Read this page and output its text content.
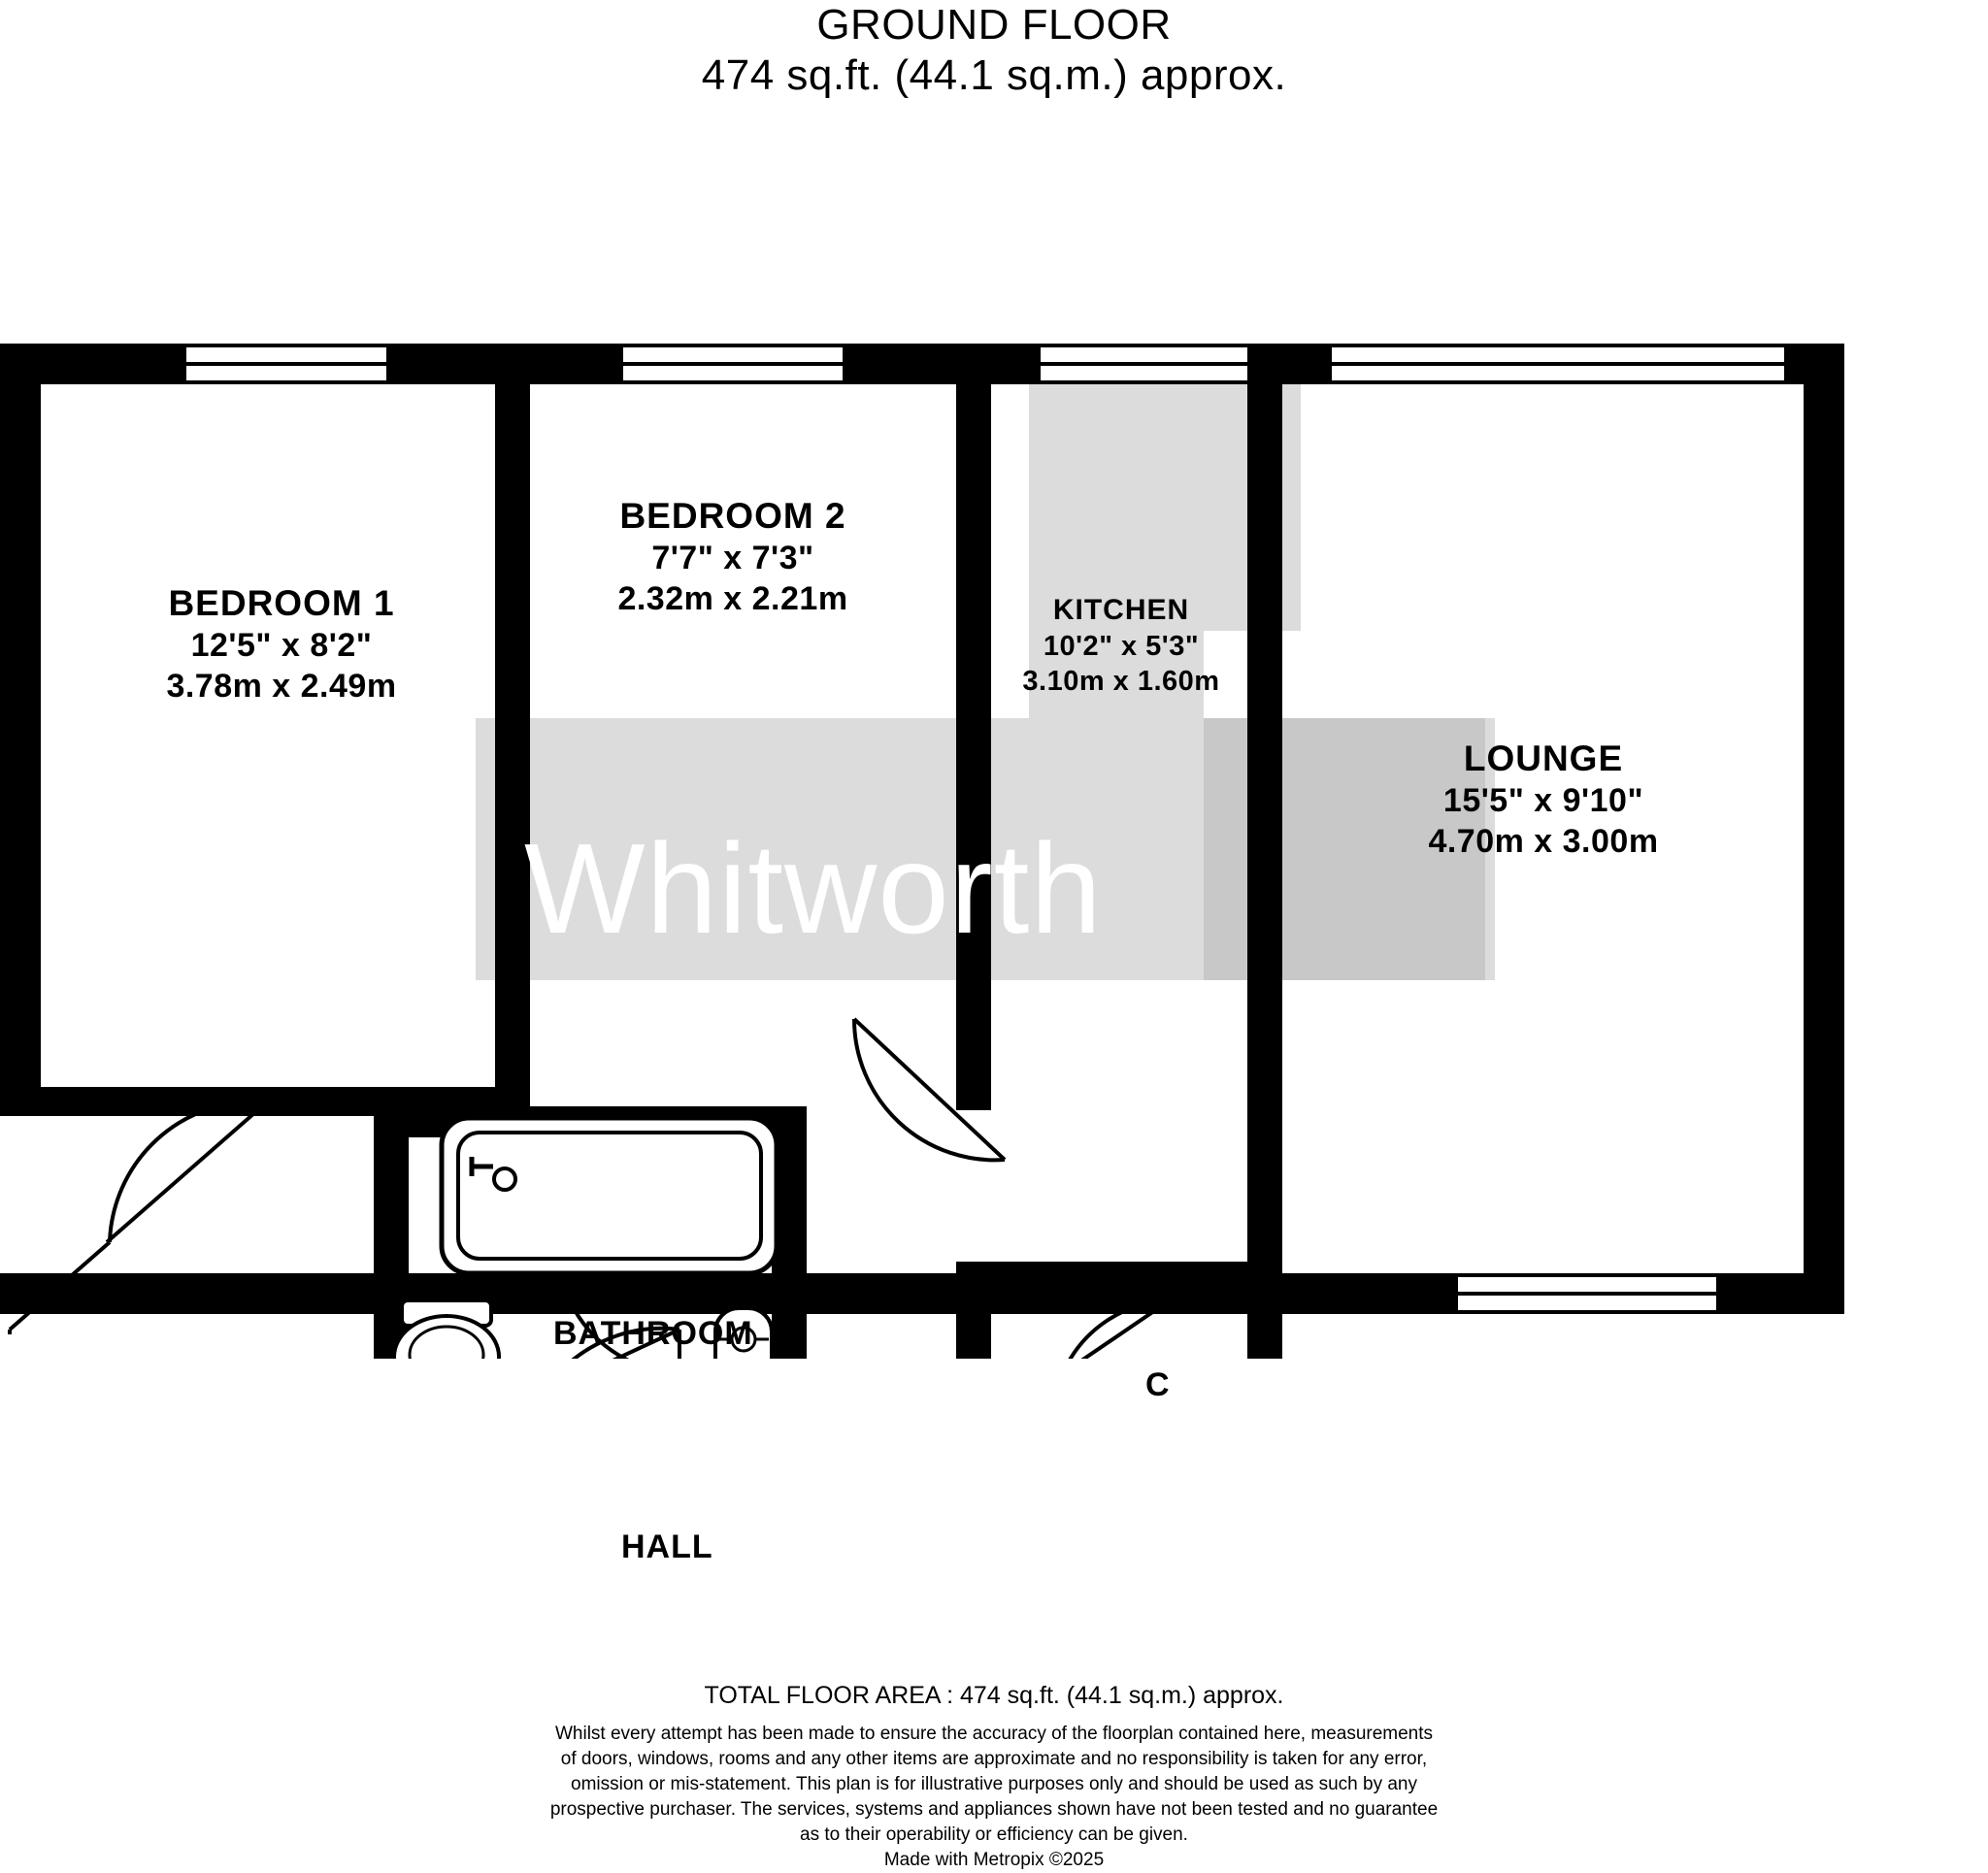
GROUND FLOOR
474 sq.ft. (44.1 sq.m.) approx.
BEDROOM 1
12'5" x 8'2"
3.78m x 2.49m
BEDROOM 2
7'7" x 7'3"
2.32m x 2.21m	KITCHEN
10'2" x 5'3"
3.10m x 1.60m
LOUNGE
15'5" x 9'10"
4.70m x 3.00m
BATHROOM
HALL
C
Whitworth
TOTAL FLOOR AREA : 474 sq.ft. (44.1 sq.m.) approx.
Whilst every attempt has been made to ensure the accuracy of the floorplan contained here, measurements
of doors, windows, rooms and any other items are approximate and no responsibility is taken for any error,
omission or mis-statement. This plan is for illustrative purposes only and should be used as such by any
prospective purchaser. The services, systems and appliances shown have not been tested and no guarantee
as to their operability or efficiency can be given.
Made with Metropix ©2025
